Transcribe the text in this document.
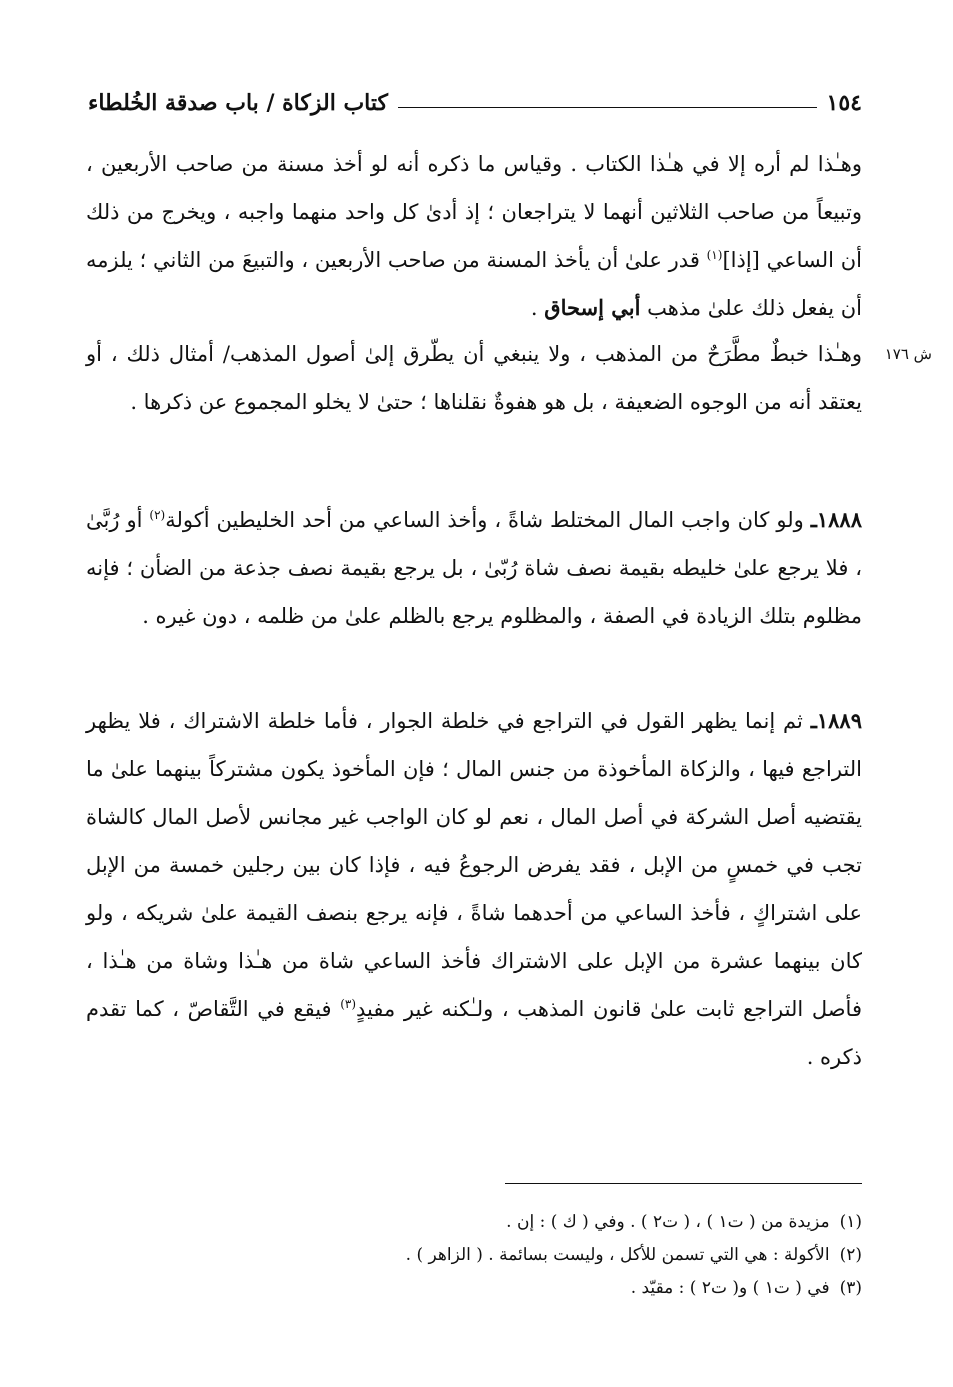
١٥٤
كتاب الزكاة / باب صدقة الخُلطاء
ش ١٧٦

وهـٰذا لم أره إلا في هـٰذا الكتاب . وقياس ما ذكره أنه لو أخذ مسنة من صاحب الأربعين ، وتبيعاً من صاحب الثلاثين أنهما لا يتراجعان ؛ إذ أدىٰ كل واحد منهما واجبه ، ويخرج من ذلك أن الساعي [إذا]$^{(١)}$ قدر علىٰ أن يأخذ المسنة من صاحب الأربعين ، والتبيعَ من الثاني ؛ يلزمه أن يفعل ذلك علىٰ مذهب أبي إسحاق .

وهـٰذا خبطٌ مطَّرَحٌ من المذهب ، ولا ينبغي أن يطّرق إلىٰ أصول المذهب/ أمثال ذلك ، أو يعتقد أنه من الوجوه الضعيفة ، بل هو هفوةٌ نقلناها ؛ حتىٰ لا يخلو المجموع عن ذكرها .

١٨٨٨ـ ولو كان واجب المال المختلط شاةً ، وأخذ الساعي من أحد الخليطين أكولة$^{(٢)}$ أو رُبَّىٰ ، فلا يرجع علىٰ خليطه بقيمة نصف شاة رُبّىٰ ، بل يرجع بقيمة نصف جذعة من الضأن ؛ فإنه مظلوم بتلك الزيادة في الصفة ، والمظلوم يرجع بالظلم علىٰ من ظلمه ، دون غيره .

١٨٨٩ـ ثم إنما يظهر القول في التراجع في خلطة الجوار ، فأما خلطة الاشتراك ، فلا يظهر التراجع فيها ، والزكاة المأخوذة من جنس المال ؛ فإن المأخوذ يكون مشتركاً بينهما علىٰ ما يقتضيه أصل الشركة في أصل المال ، نعم لو كان الواجب غير مجانس لأصل المال كالشاة تجب في خمسٍ من الإبل ، فقد يفرض الرجوعُ فيه ، فإذا كان بين رجلين خمسة من الإبل على اشتراكٍ ، فأخذ الساعي من أحدهما شاةً ، فإنه يرجع بنصف القيمة علىٰ شريكه ، ولو كان بينهما عشرة من الإبل على الاشتراك فأخذ الساعي شاة من هـٰذا وشاة من هـٰذا ، فأصل التراجع ثابت علىٰ قانون المذهب ، ولـٰكنه غير مفيدٍ$^{(٣)}$ فيقع في التَّقاصّ ، كما تقدم ذكره .

(١)مزيدة من ( ت١ ) ، ( ت٢ ) . وفي ( ك ) : إن .
(٢)الأكولة : هي التي تسمن للأكل ، وليست بسائمة . ( الزاهر ) .
(٣)في ( ت١ ) و( ت٢ ) : مقيّد .
